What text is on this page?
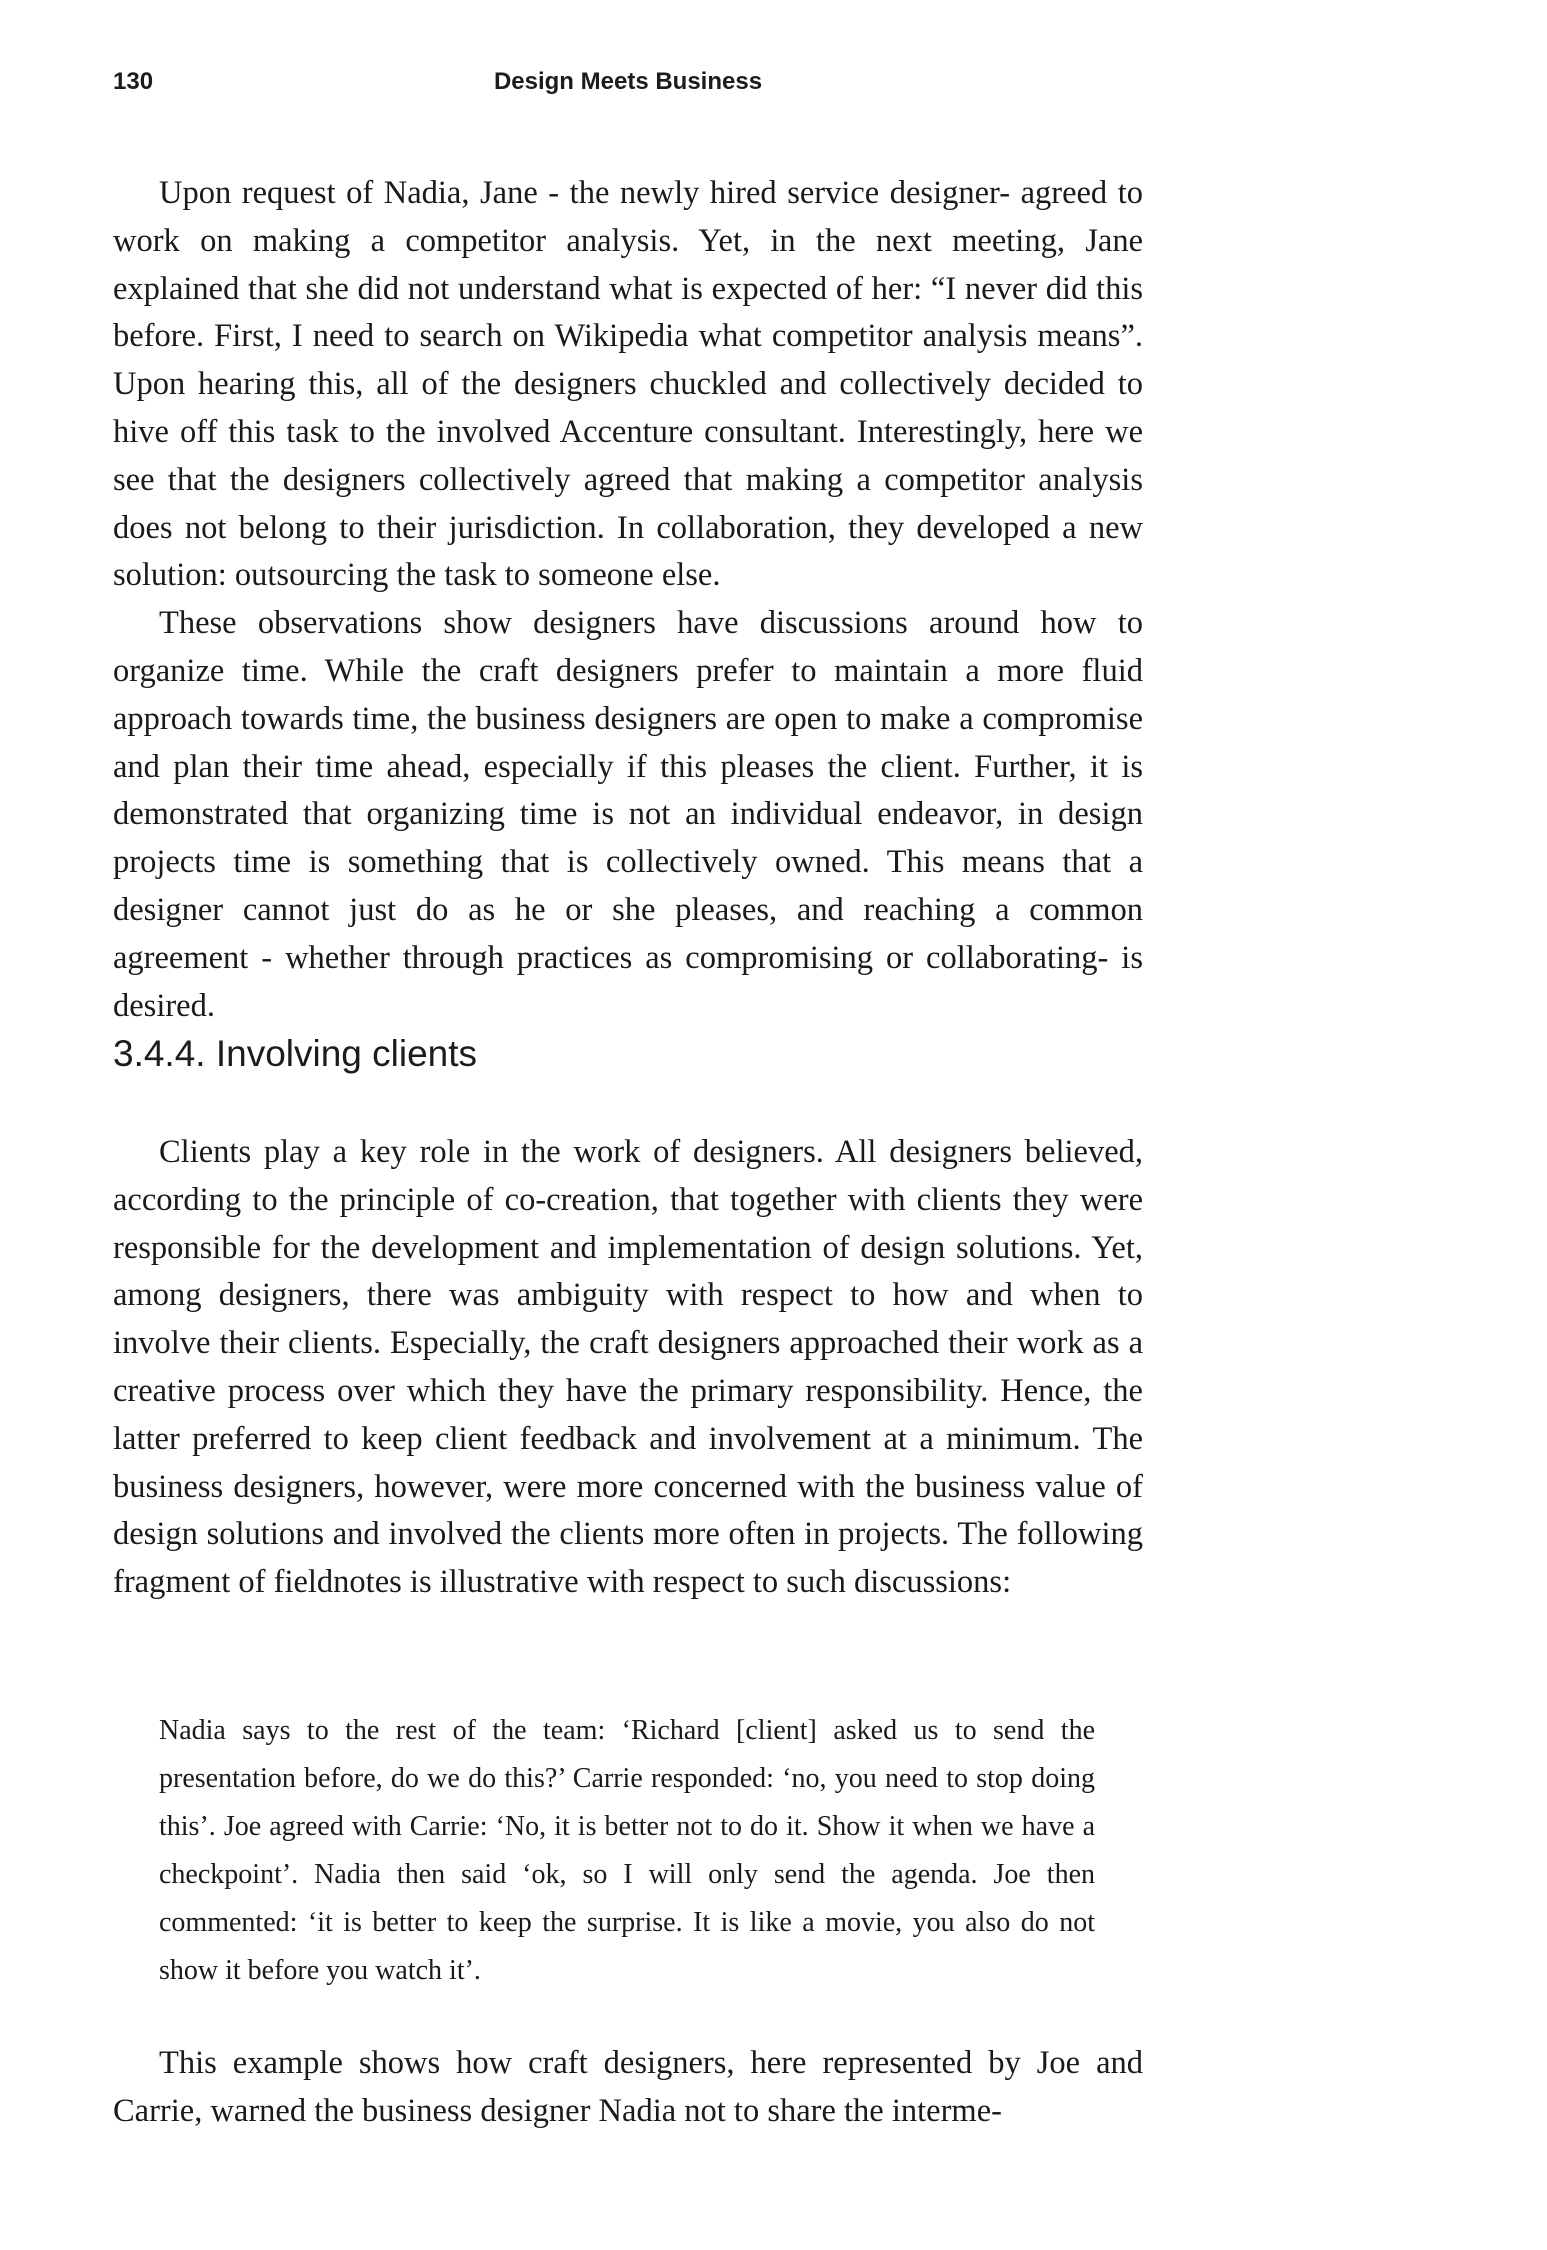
130	Design Meets Business

Upon request of Nadia, Jane - the newly hired service designer- agreed to work on making a competitor analysis. Yet, in the next meeting, Jane explained that she did not understand what is expected of her: “I never did this before. First, I need to search on Wikipedia what competitor analysis means”. Upon hearing this, all of the designers chuckled and collectively decided to hive off this task to the involved Accenture consultant. Interestingly, here we see that the designers collectively agreed that making a competitor analysis does not belong to their jurisdiction. In collaboration, they developed a new solution: outsourcing the task to someone else.

These observations show designers have discussions around how to organize time. While the craft designers prefer to maintain a more fluid approach towards time, the business designers are open to make a compromise and plan their time ahead, especially if this pleases the client. Further, it is demonstrated that organizing time is not an individual endeavor, in design projects time is something that is collectively owned. This means that a designer cannot just do as he or she pleases, and reaching a common agreement - whether through practices as compromising or collaborating- is desired.

3.4.4. Involving clients

Clients play a key role in the work of designers. All designers believed, according to the principle of co-creation, that together with clients they were responsible for the development and implementation of design solutions. Yet, among designers, there was ambiguity with respect to how and when to involve their clients. Especially, the craft designers approached their work as a creative process over which they have the primary responsibility. Hence, the latter preferred to keep client feedback and involvement at a minimum. The business designers, however, were more concerned with the business value of design solutions and involved the clients more often in projects. The following fragment of fieldnotes is illustrative with respect to such discussions:

Nadia says to the rest of the team: ‘Richard [client] asked us to send the presentation before, do we do this?’ Carrie responded: ‘no, you need to stop doing this’. Joe agreed with Carrie: ‘No, it is better not to do it. Show it when we have a checkpoint’. Nadia then said ‘ok, so I will only send the agenda. Joe then commented: ‘it is better to keep the surprise. It is like a movie, you also do not show it before you watch it’.

This example shows how craft designers, here represented by Joe and Carrie, warned the business designer Nadia not to share the interme-
